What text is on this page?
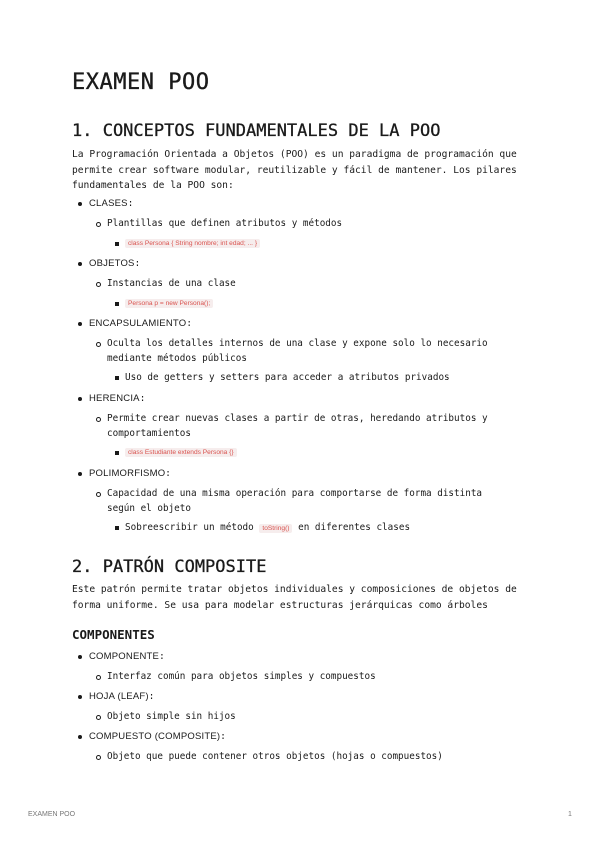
EXAMEN POO
1. CONCEPTOS FUNDAMENTALES DE LA POO

La Programación Orientada a Objetos (POO) es un paradigma de programación que permite crear software modular, reutilizable y fácil de mantener. Los pilares fundamentales de la POO son:

CLASES:
Plantillas que definen atributos y métodos
class Persona { String nombre; int edad; ... }
OBJETOS:
Instancias de una clase
Persona p = new Persona();
ENCAPSULAMIENTO:
Oculta los detalles internos de una clase y expone solo lo necesario mediante métodos públicos
Uso de getters y setters para acceder a atributos privados
HERENCIA:
Permite crear nuevas clases a partir de otras, heredando atributos y comportamientos
class Estudiante extends Persona {}
POLIMORFISMO:
Capacidad de una misma operación para comportarse de forma distinta según el objeto
Sobreescribir un método toString() en diferentes clases
2. PATRÓN COMPOSITE

Este patrón permite tratar objetos individuales y composiciones de objetos de forma uniforme. Se usa para modelar estructuras jerárquicas como árboles

COMPONENTES
COMPONENTE:
Interfaz común para objetos simples y compuestos
HOJA (LEAF):
Objeto simple sin hijos
COMPUESTO (COMPOSITE):
Objeto que puede contener otros objetos (hojas o compuestos)
EXAMEN POO	1
